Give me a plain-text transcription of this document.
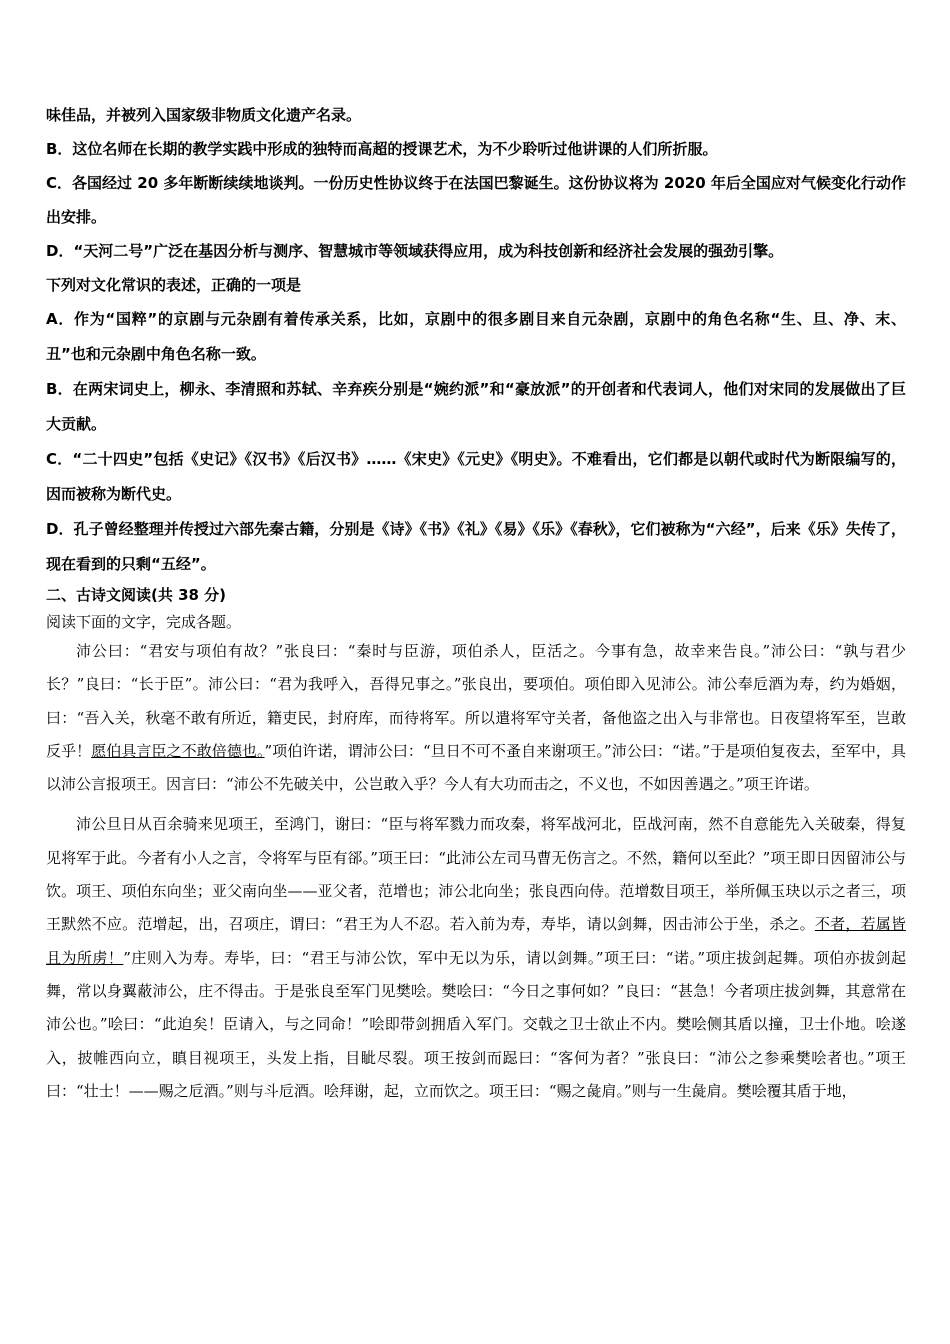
味佳品，并被列入国家级非物质文化遗产名录。
B．这位名师在长期的教学实践中形成的独特而高超的授课艺术，为不少聆听过他讲课的人们所折服。
C．各国经过 20 多年断断续续地谈判。一份历史性协议终于在法国巴黎诞生。这份协议将为 2020 年后全国应对气候变化行动作出安排。
D．“天河二号”广泛在基因分析与测序、智慧城市等领域获得应用，成为科技创新和经济社会发展的强劲引擎。
下列对文化常识的表述，正确的一项是
A．作为“国粹”的京剧与元杂剧有着传承关系，比如，京剧中的很多剧目来自元杂剧，京剧中的角色名称“生、旦、净、末、丑”也和元杂剧中角色名称一致。
B．在两宋词史上，柳永、李清照和苏轼、辛弃疾分别是“婉约派”和“豪放派”的开创者和代表词人，他们对宋同的发展做出了巨大贡献。
C．“二十四史”包括《史记》《汉书》《后汉书》……《宋史》《元史》《明史》。不难看出，它们都是以朝代或时代为断限编写的，因而被称为断代史。
D．孔子曾经整理并传授过六部先秦古籍，分别是《诗》《书》《礼》《易》《乐》《春秋》，它们被称为“六经”，后来《乐》失传了，现在看到的只剩“五经”。
二、古诗文阅读(共 38 分)
阅读下面的文字，完成各题。

沛公曰：“君安与项伯有故？”张良曰：“秦时与臣游，项伯杀人，臣活之。今事有急，故幸来告良。”沛公曰：“孰与君少长？”良曰：“长于臣”。沛公曰：“君为我呼入，吾得兄事之。”张良出，要项伯。项伯即入见沛公。沛公奉卮酒为寿，约为婚姻，曰：“吾入关，秋毫不敢有所近，籍吏民，封府库，而待将军。所以遣将军守关者，备他盗之出入与非常也。日夜望将军至，岂敢反乎！愿伯具言臣之不敢倍德也。”项伯许诺，谓沛公曰：“旦日不可不蚤自来谢项王。”沛公曰：“诺。”于是项伯复夜去，至军中，具以沛公言报项王。因言曰：“沛公不先破关中，公岂敢入乎？今人有大功而击之，不义也，不如因善遇之。”项王许诺。

沛公旦日从百余骑来见项王，至鸿门，谢曰：“臣与将军戮力而攻秦，将军战河北，臣战河南，然不自意能先入关破秦，得复见将军于此。今者有小人之言，令将军与臣有郤。”项王曰：“此沛公左司马曹无伤言之。不然，籍何以至此？”项王即日因留沛公与饮。项王、项伯东向坐；亚父南向坐——亚父者，范增也；沛公北向坐；张良西向侍。范增数目项王，举所佩玉玦以示之者三，项王默然不应。范增起，出，召项庄，谓曰：“君王为人不忍。若入前为寿，寿毕，请以剑舞，因击沛公于坐，杀之。不者，若属皆且为所虏！”庄则入为寿。寿毕，曰：“君王与沛公饮，军中无以为乐，请以剑舞。”项王曰：“诺。”项庄拔剑起舞。项伯亦拔剑起舞，常以身翼蔽沛公，庄不得击。于是张良至军门见樊哙。樊哙曰：“今日之事何如？”良曰：“甚急！今者项庄拔剑舞，其意常在沛公也。”哙曰：“此迫矣！臣请入，与之同命！”哙即带剑拥盾入军门。交戟之卫士欲止不内。樊哙侧其盾以撞，卫士仆地。哙遂入，披帷西向立，瞋目视项王，头发上指，目眦尽裂。项王按剑而跽曰：“客何为者？”张良曰：“沛公之参乘樊哙者也。”项王曰：“壮士！——赐之卮酒。”则与斗卮酒。哙拜谢，起，立而饮之。项王曰：“赐之彘肩。”则与一生彘肩。樊哙覆其盾于地，
